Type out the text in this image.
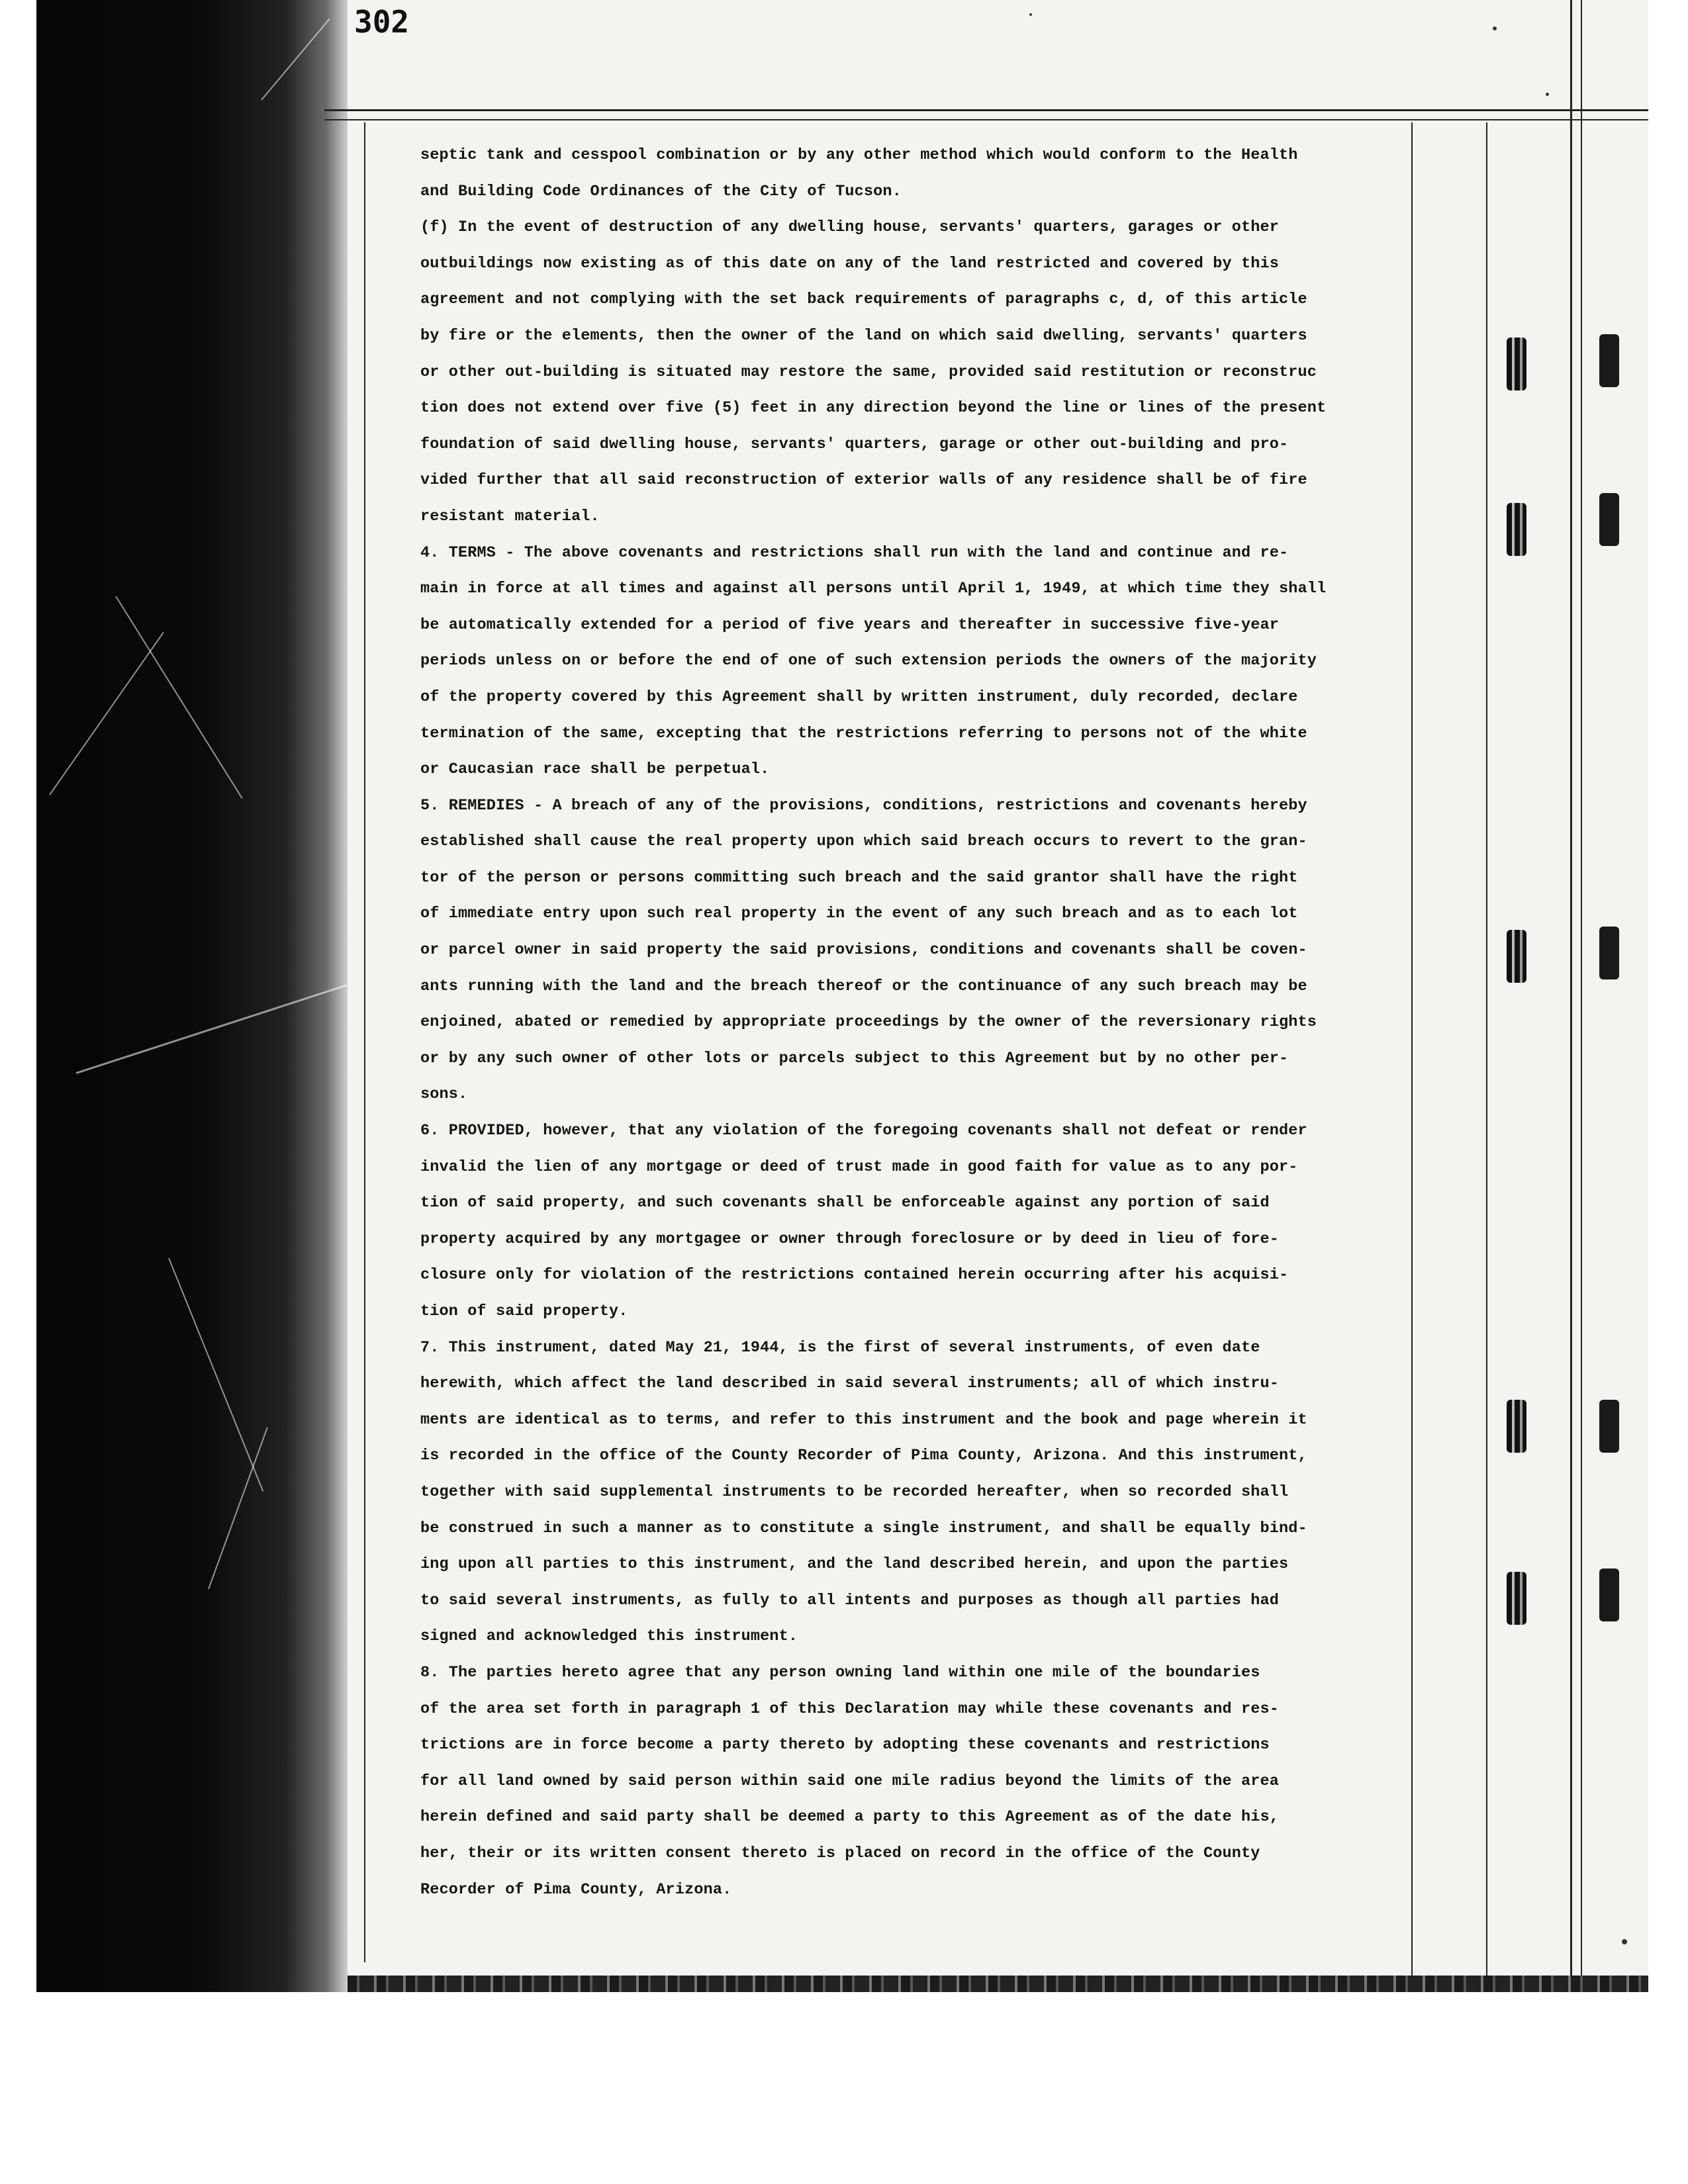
302
septic tank and cesspool combination or by any other method which would conform to the Health
and Building Code Ordinances of the City of Tucson.
(f) In the event of destruction of any dwelling house, servants' quarters, garages or other
outbuildings now existing as of this date on any of the land restricted and covered by this
agreement and not complying with the set back requirements of paragraphs c, d, of this article
by fire or the elements, then the owner of the land on which said dwelling, servants' quarters
or other out-building is situated may restore the same, provided said restitution or reconstruc
tion does not extend over five (5) feet in any direction beyond the line or lines of the present
foundation of said dwelling house, servants' quarters, garage or other out-building and pro-
vided further that all said reconstruction of exterior walls of any residence shall be of fire
resistant material.
4. TERMS - The above covenants and restrictions shall run with the land and continue and re-
main in force at all times and against all persons until April 1, 1949, at which time they shall
be automatically extended for a period of five years and thereafter in successive five-year
periods unless on or before the end of one of such extension periods the owners of the majority
of the property covered by this Agreement shall by written instrument, duly recorded, declare
termination of the same, excepting that the restrictions referring to persons not of the white
or Caucasian race shall be perpetual.
5. REMEDIES - A breach of any of the provisions, conditions, restrictions and covenants hereby
established shall cause the real property upon which said breach occurs to revert to the gran-
tor of the person or persons committing such breach and the said grantor shall have the right
of immediate entry upon such real property in the event of any such breach and as to each lot
or parcel owner in said property the said provisions, conditions and covenants shall be coven-
ants running with the land and the breach thereof or the continuance of any such breach may be
enjoined, abated or remedied by appropriate proceedings by the owner of the reversionary rights
or by any such owner of other lots or parcels subject to this Agreement but by no other per-
sons.
6. PROVIDED, however, that any violation of the foregoing covenants shall not defeat or render
invalid the lien of any mortgage or deed of trust made in good faith for value as to any por-
tion of said property, and such covenants shall be enforceable against any portion of said
property acquired by any mortgagee or owner through foreclosure or by deed in lieu of fore-
closure only for violation of the restrictions contained herein occurring after his acquisi-
tion of said property.
7. This instrument, dated May 21, 1944, is the first of several instruments, of even date
herewith, which affect the land described in said several instruments; all of which instru-
ments are identical as to terms, and refer to this instrument and the book and page wherein it
is recorded in the office of the County Recorder of Pima County, Arizona. And this instrument,
together with said supplemental instruments to be recorded hereafter, when so recorded shall
be construed in such a manner as to constitute a single instrument, and shall be equally bind-
ing upon all parties to this instrument, and the land described herein, and upon the parties
to said several instruments, as fully to all intents and purposes as though all parties had
signed and acknowledged this instrument.
8. The parties hereto agree that any person owning land within one mile of the boundaries
of the area set forth in paragraph 1 of this Declaration may while these covenants and res-
trictions are in force become a party thereto by adopting these covenants and restrictions
for all land owned by said person within said one mile radius beyond the limits of the area
herein defined and said party shall be deemed a party to this Agreement as of the date his,
her, their or its written consent thereto is placed on record in the office of the County
Recorder of Pima County, Arizona.
